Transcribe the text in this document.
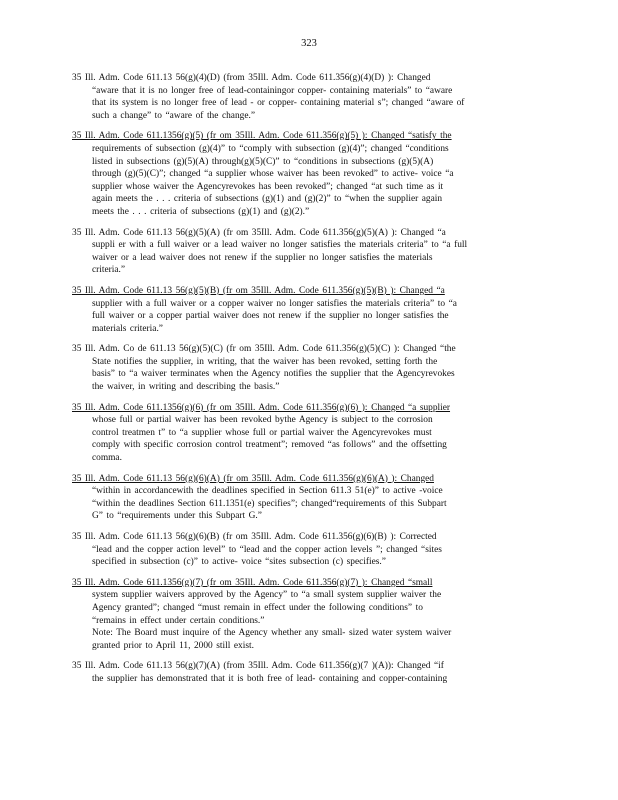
323
35 Ill. Adm. Code 611.13 56(g)(4)(D) (from 35Ill. Adm. Code 611.356(g)(4)(D) ): Changed
“aware that it is no longer free of lead-containingor copper- containing materials” to “aware
that its system is no longer free of lead - or copper- containing material s”; changed “aware of
such a change” to “aware of the change.”
35 Ill. Adm. Code 611.1356(g)(5) (fr om 35Ill. Adm. Code 611.356(g)(5) ): Changed “satisfy the
requirements of subsection (g)(4)” to “comply with subsection (g)(4)”; changed “conditions
listed in subsections (g)(5)(A) through(g)(5)(C)” to “conditions in subsections (g)(5)(A)
through (g)(5)(C)”; changed “a supplier whose waiver has been revoked” to active- voice “a
supplier whose waiver the Agencyrevokes has been revoked”; changed “at such time as it
again meets the . . . criteria of subsections (g)(1) and (g)(2)” to “when the supplier again
meets the . . . criteria of subsections (g)(1) and (g)(2).”
35 Ill. Adm. Code 611.13 56(g)(5)(A) (fr om 35Ill. Adm. Code 611.356(g)(5)(A) ): Changed “a
suppli er with a full waiver or a lead waiver no longer satisfies the materials criteria” to “a full
waiver or a lead waiver does not renew if the supplier no longer satisfies the materials
criteria.”
35 Ill. Adm. Code 611.13 56(g)(5)(B) (fr om 35Ill. Adm. Code 611.356(g)(5)(B) ): Changed “a
supplier with a full waiver or a copper waiver no longer satisfies the materials criteria” to “a
full waiver or a copper partial waiver does not renew if the supplier no longer satisfies the
materials criteria.”
35 Ill. Adm. Co de 611.13 56(g)(5)(C) (fr om 35Ill. Adm. Code 611.356(g)(5)(C) ): Changed “the
State notifies the supplier, in writing, that the waiver has been revoked, setting forth the
basis” to “a waiver terminates when the Agency notifies the supplier that the Agencyrevokes
the waiver, in writing and describing the basis.”
35 Ill. Adm. Code 611.1356(g)(6) (fr om 35Ill. Adm. Code 611.356(g)(6) ): Changed “a supplier
whose full or partial waiver has been revoked bythe Agency is subject to the corrosion
control treatmen t” to “a supplier whose full or partial waiver the Agencyrevokes must
comply with specific corrosion control treatment”; removed “as follows” and the offsetting
comma.
35 Ill. Adm. Code 611.13 56(g)(6)(A) (fr om 35Ill. Adm. Code 611.356(g)(6)(A) ): Changed
“within in accordancewith the deadlines specified in Section 611.3 51(e)” to active -voice
“within the deadlines Section 611.1351(e) specifies”; changed“requirements of this Subpart
G” to “requirements under this Subpart G.”
35 Ill. Adm. Code 611.13 56(g)(6)(B) (fr om 35Ill. Adm. Code 611.356(g)(6)(B) ): Corrected
“lead and the copper action level” to “lead and the copper action levels ”; changed “sites
specified in subsection (c)” to active- voice “sites subsection (c) specifies.”
35 Ill. Adm. Code 611.1356(g)(7) (fr om 35Ill. Adm. Code 611.356(g)(7) ): Changed “small
system supplier waivers approved by the Agency” to “a small system supplier waiver the
Agency granted”; changed “must remain in effect under the following conditions” to
“remains in effect under certain conditions.”
Note: The Board must inquire of the Agency whether any small- sized water system waiver
granted prior to April 11, 2000 still exist.
35 Ill. Adm. Code 611.13 56(g)(7)(A) (from 35Ill. Adm. Code 611.356(g)(7 )(A)): Changed “if
the supplier has demonstrated that it is both free of lead- containing and copper-containing
